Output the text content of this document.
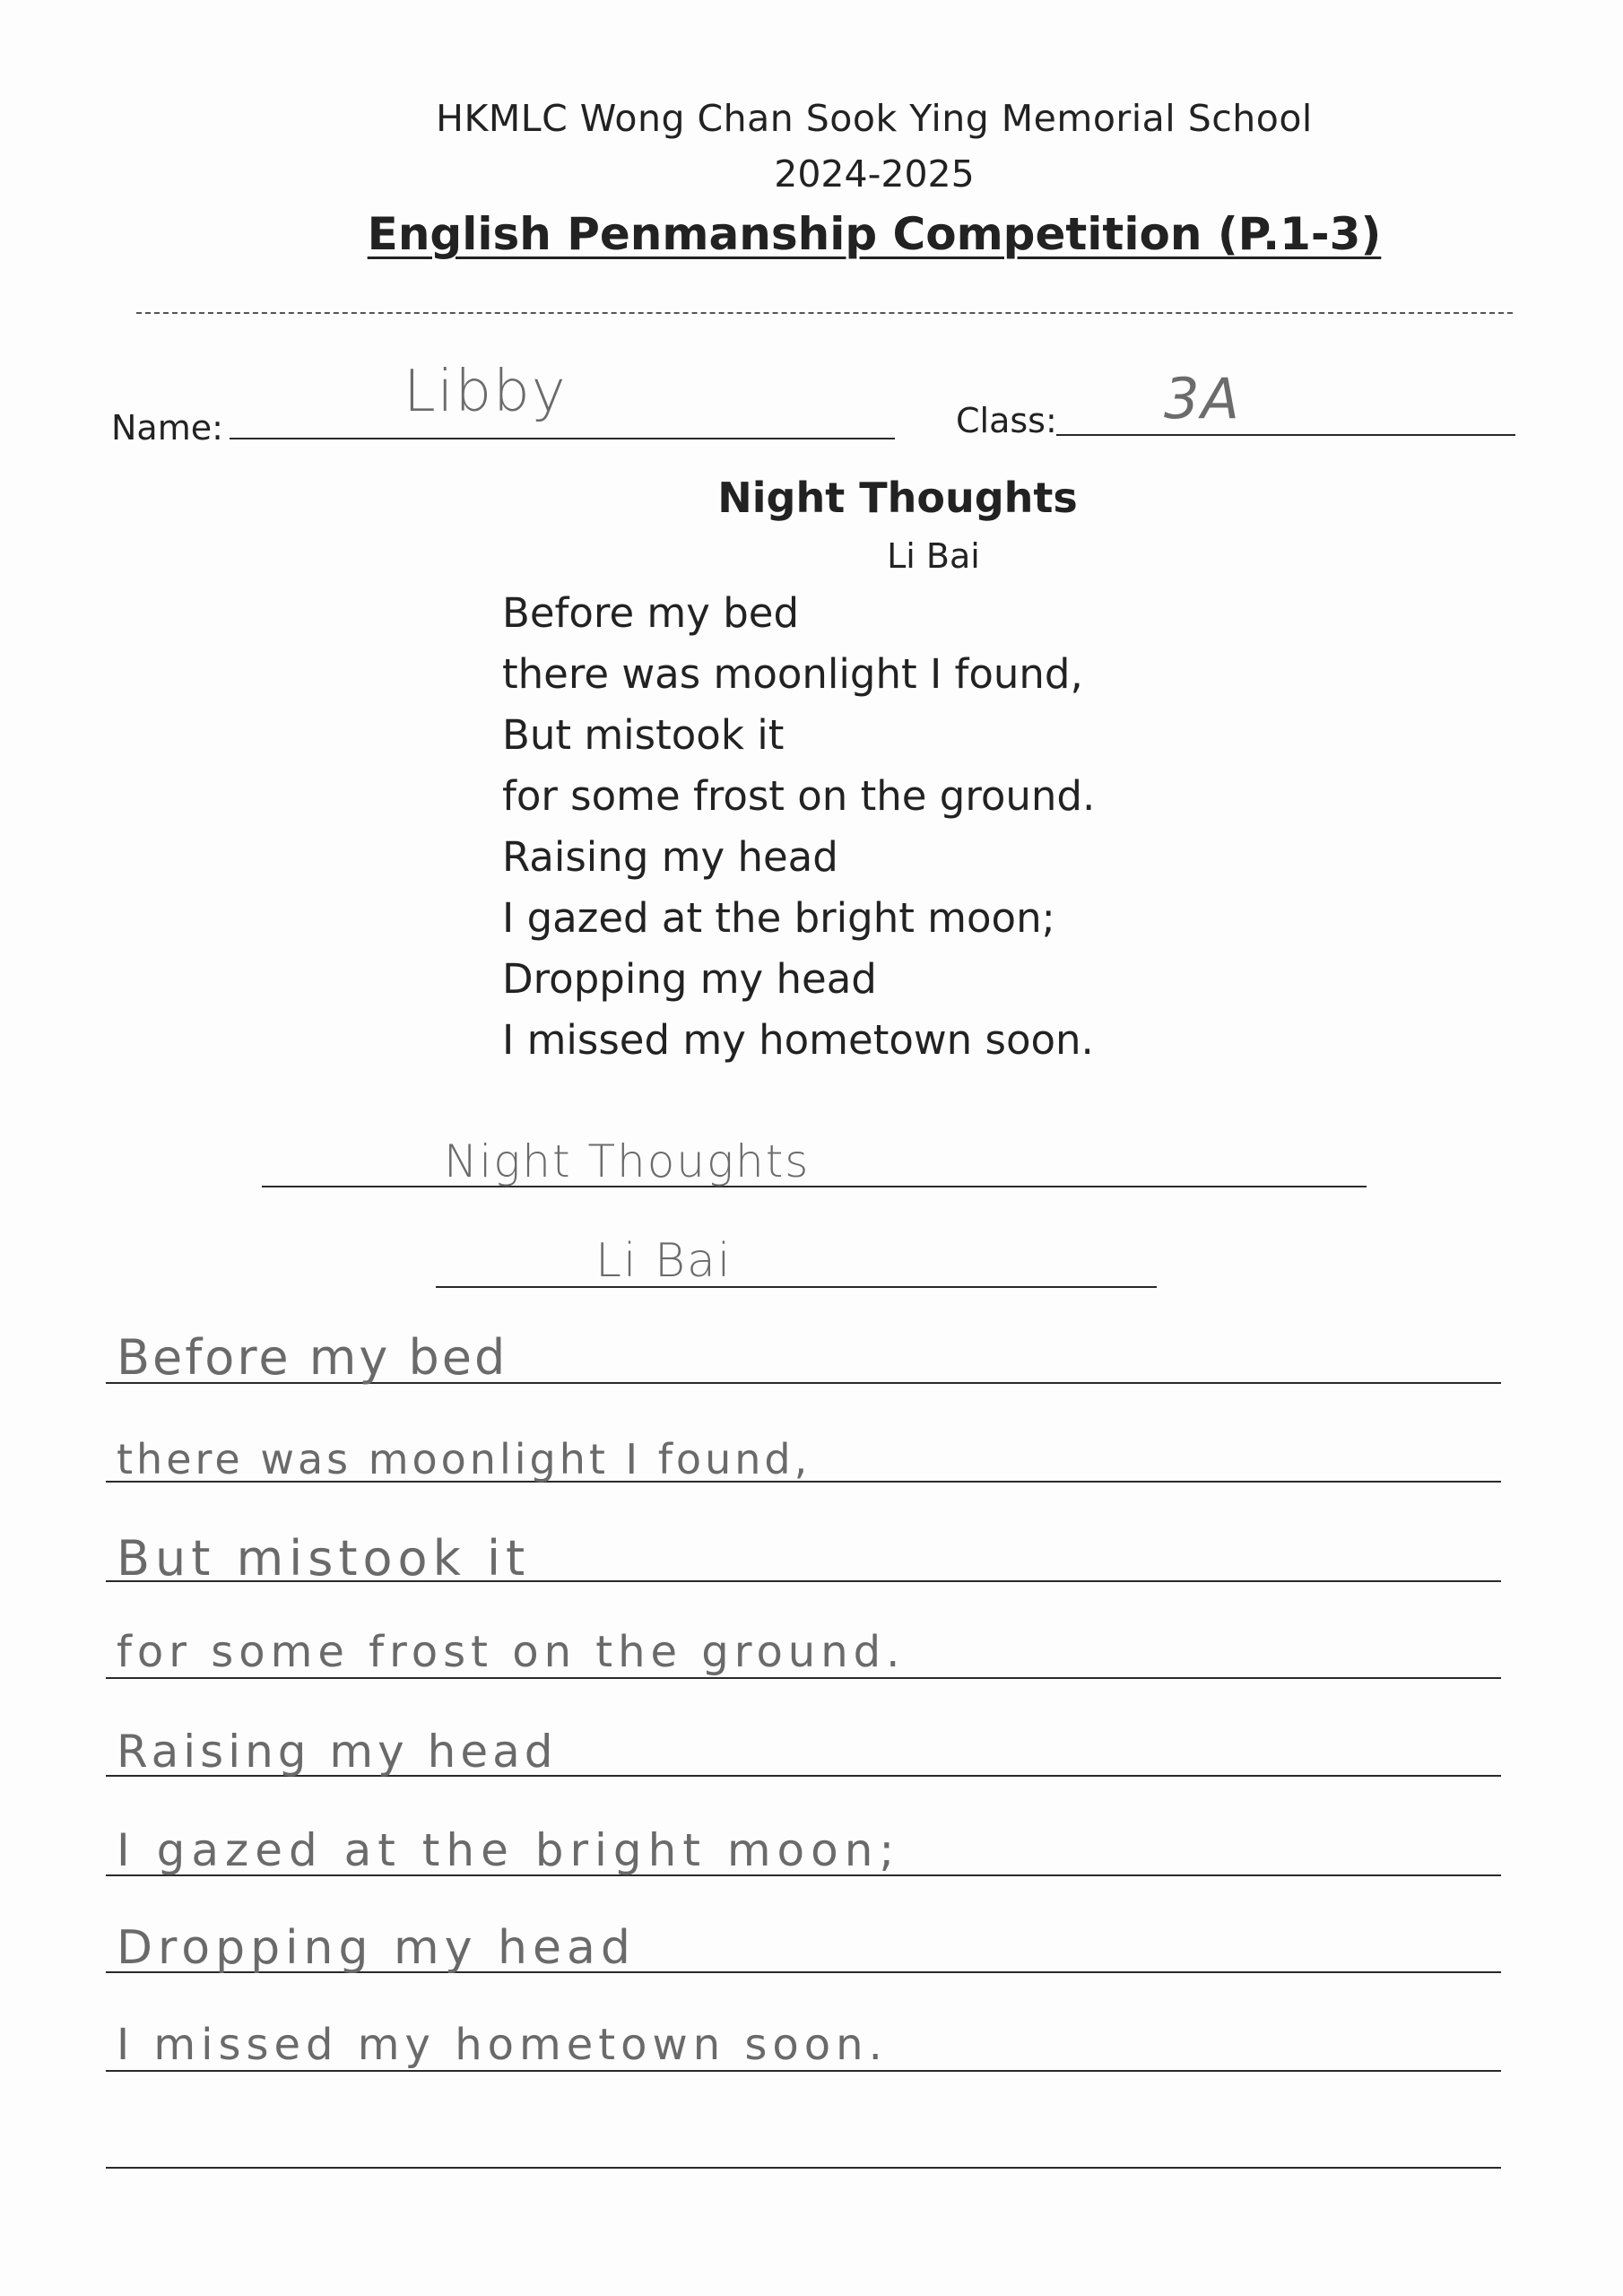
HKMLC Wong Chan Sook Ying Memorial School
2024-2025
English Penmanship Competition (P.1-3)
Name:
Libby	Class: 3A
Night Thoughts
Li Bai
Before my bed
there was moonlight I found,
But mistook it
for some frost on the ground.
Raising my head
I gazed at the bright moon;
Dropping my head
I missed my hometown soon.
Night Thoughts
Li Bai
Before my bed
there was moonlight I found,
But mistook it
for some frost on the ground.
Raising my head
I gazed at the bright moon;
Dropping my head
I missed my hometown soon.
